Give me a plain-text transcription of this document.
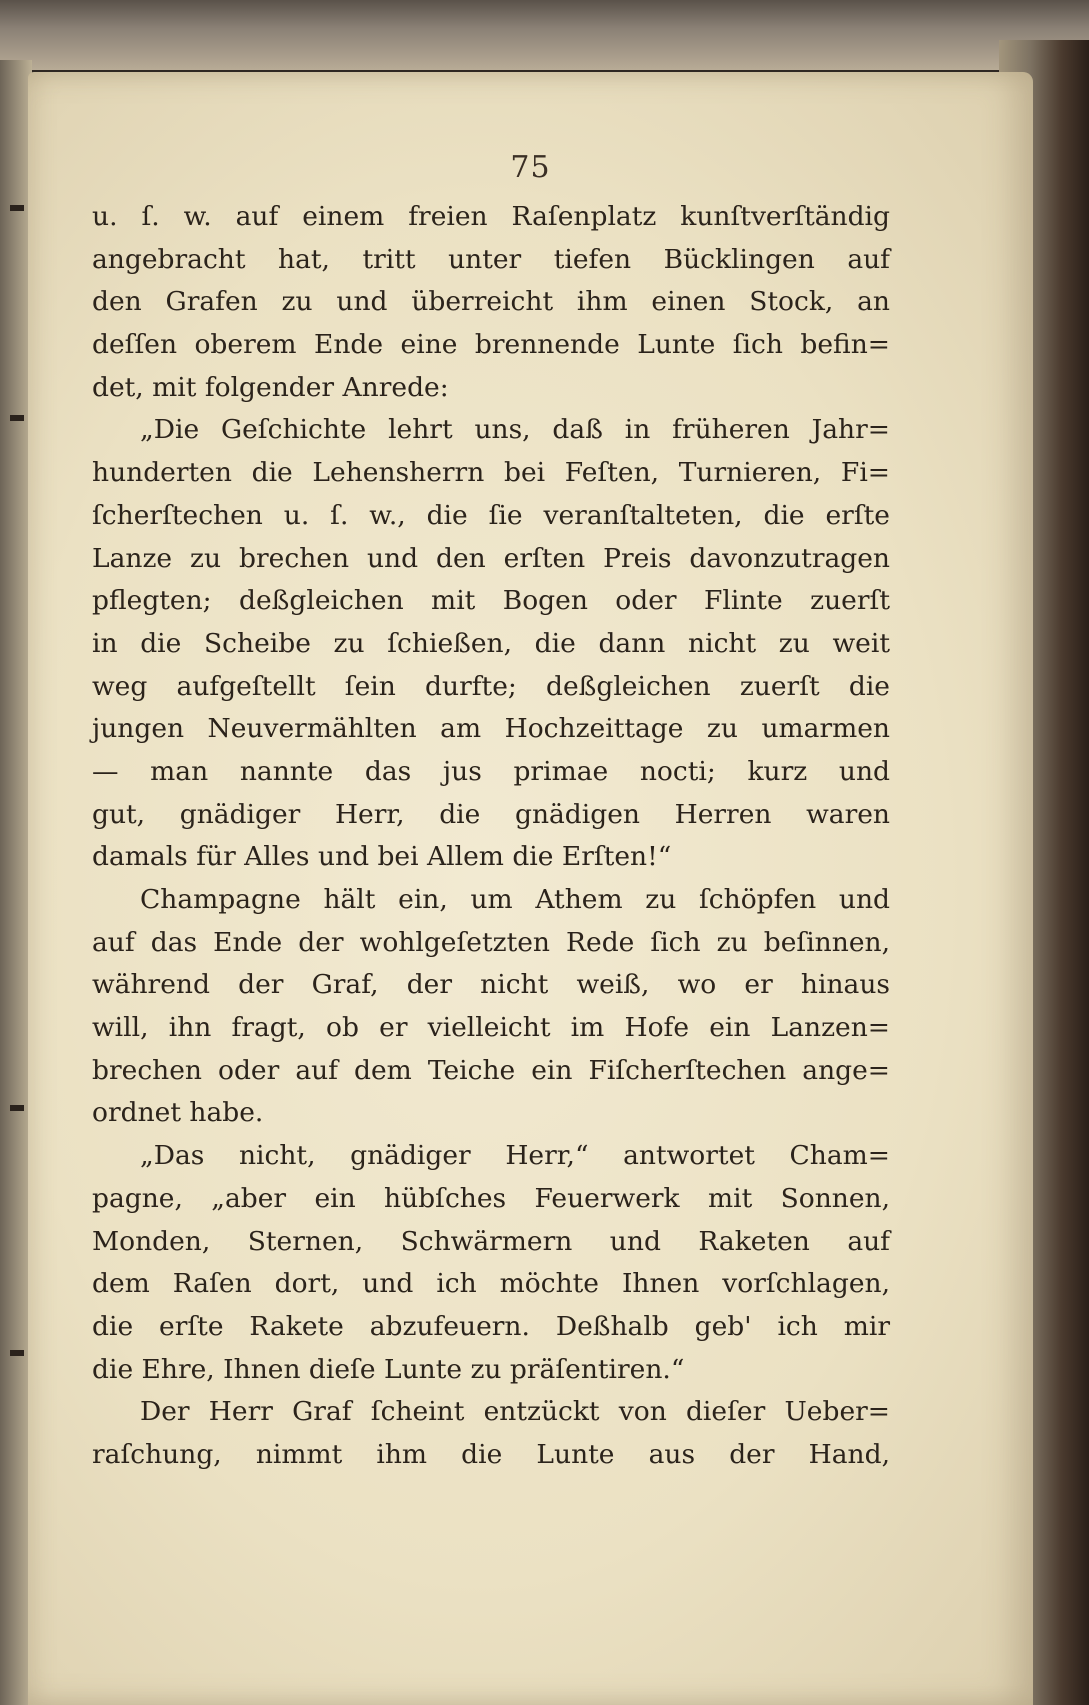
75
u. ſ. w. auf einem freien Raſenplatz kunſtverſtändig
angebracht hat, tritt unter tiefen Bücklingen auf
den Grafen zu und überreicht ihm einen Stock, an
deſſen oberem Ende eine brennende Lunte ſich befin=
det, mit folgender Anrede:
„Die Geſchichte lehrt uns, daß in früheren Jahr=
hunderten die Lehensherrn bei Feſten, Turnieren, Fi=
ſcherſtechen u. ſ. w., die ſie veranſtalteten, die erſte
Lanze zu brechen und den erſten Preis davonzutragen
pflegten; deßgleichen mit Bogen oder Flinte zuerſt
in die Scheibe zu ſchießen, die dann nicht zu weit
weg aufgeſtellt ſein durfte; deßgleichen zuerſt die
jungen Neuvermählten am Hochzeittage zu umarmen
— man nannte das jus primae nocti; kurz und
gut, gnädiger Herr, die gnädigen Herren waren
damals für Alles und bei Allem die Erſten!“
Champagne hält ein, um Athem zu ſchöpfen und
auf das Ende der wohlgeſetzten Rede ſich zu beſinnen,
während der Graf, der nicht weiß, wo er hinaus
will, ihn fragt, ob er vielleicht im Hofe ein Lanzen=
brechen oder auf dem Teiche ein Fiſcherſtechen ange=
ordnet habe.
„Das nicht, gnädiger Herr,“ antwortet Cham=
pagne, „aber ein hübſches Feuerwerk mit Sonnen,
Monden, Sternen, Schwärmern und Raketen auf
dem Raſen dort, und ich möchte Ihnen vorſchlagen,
die erſte Rakete abzufeuern. Deßhalb geb' ich mir
die Ehre, Ihnen dieſe Lunte zu präſentiren.“
Der Herr Graf ſcheint entzückt von dieſer Ueber=
raſchung, nimmt ihm die Lunte aus der Hand,
